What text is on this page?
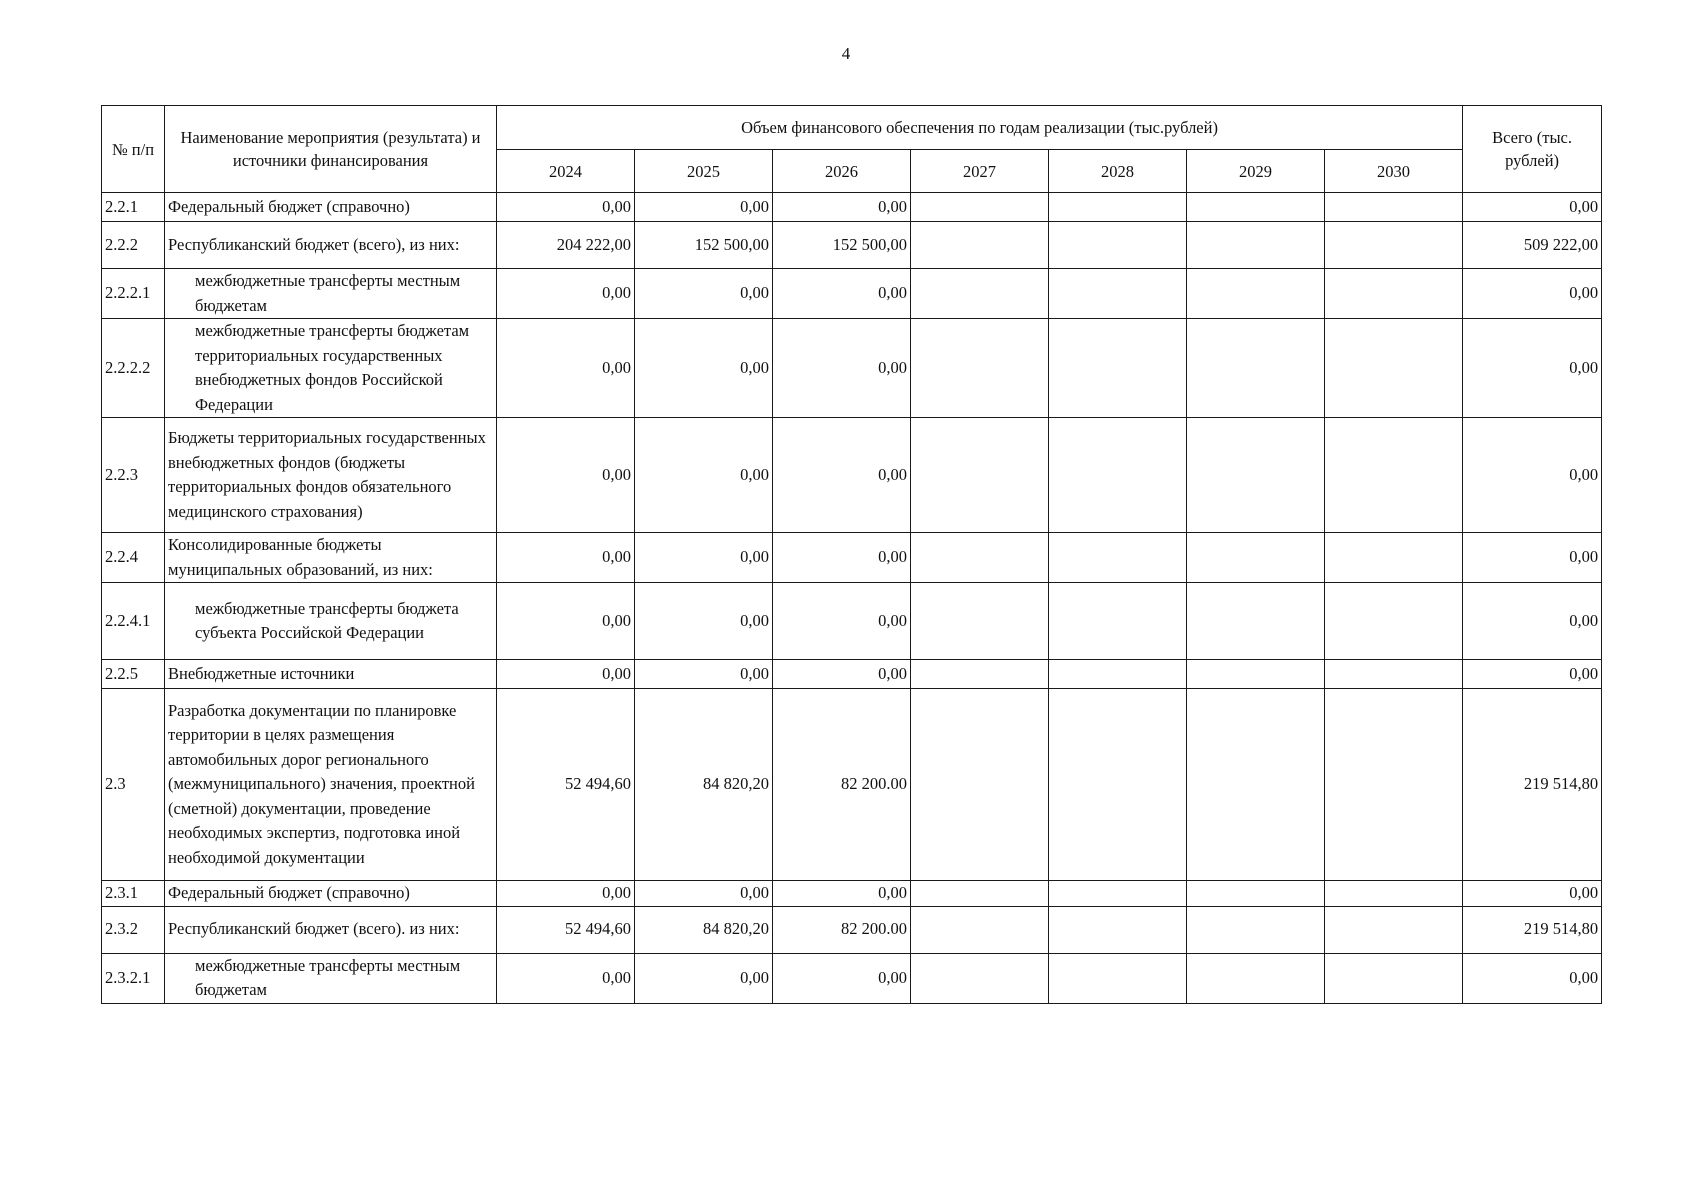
4
№ п/п	Наименование мероприятия (результата) и источники финансирования	Объем финансового обеспечения по годам реализации (тыс.рублей)							Всего (тыс. рублей)
		2024	2025	2026	2027	2028	2029	2030	
2.2.1	Федеральный бюджет (справочно)	0,00	0,00	0,00					0,00
2.2.2	Республиканский бюджет (всего), из них:	204 222,00	152 500,00	152 500,00					509 222,00
2.2.2.1	межбюджетные трансферты местным бюджетам	0,00	0,00	0,00					0,00
2.2.2.2	межбюджетные трансферты бюджетам территориальных государственных внебюджетных фондов Российской Федерации	0,00	0,00	0,00					0,00
2.2.3	Бюджеты территориальных государственных внебюджетных фондов (бюджеты территориальных фондов обязательного медицинского страхования)	0,00	0,00	0,00					0,00
2.2.4	Консолидированные бюджеты муниципальных образований, из них:	0,00	0,00	0,00					0,00
2.2.4.1	межбюджетные трансферты бюджета субъекта Российской Федерации	0,00	0,00	0,00					0,00
2.2.5	Внебюджетные источники	0,00	0,00	0,00					0,00
2.3	Разработка документации по планировке территории в целях размещения автомобильных дорог регионального (межмуниципального) значения, проектной (сметной) документации, проведение необходимых экспертиз, подготовка иной необходимой документации	52 494,60	84 820,20	82 200.00					219 514,80
2.3.1	Федеральный бюджет (справочно)	0,00	0,00	0,00					0,00
2.3.2	Республиканский бюджет (всего). из них:	52 494,60	84 820,20	82 200.00					219 514,80
2.3.2.1	межбюджетные трансферты местным бюджетам	0,00	0,00	0,00					0,00
